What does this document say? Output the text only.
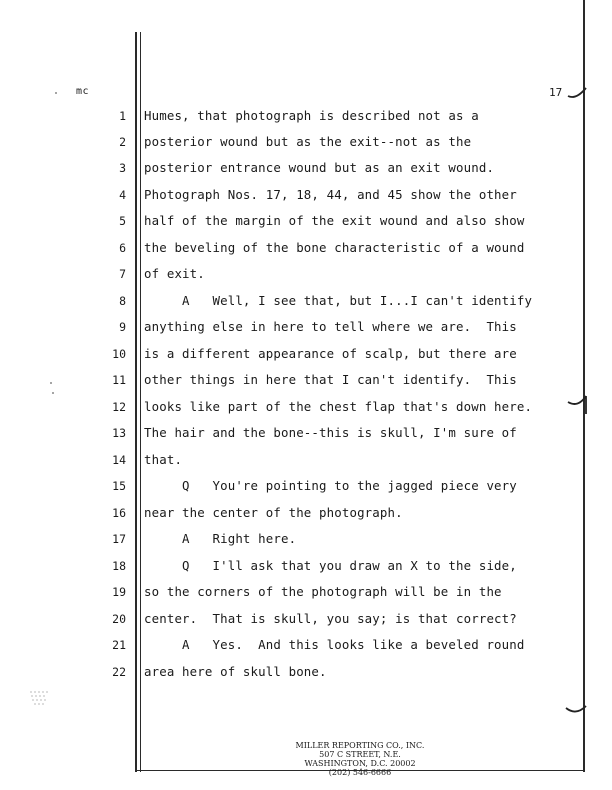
mc	17
1 Humes, that photograph is described not as a
2 posterior wound but as the exit--not as the
3 posterior entrance wound but as an exit wound.
4 Photograph Nos. 17, 18, 44, and 45 show the other
5 half of the margin of the exit wound and also show
6 the beveling of the bone characteristic of a wound
7 of exit.
8 A   Well, I see that, but I...I can't identify
9 anything else in here to tell where we are.  This
10 is a different appearance of scalp, but there are
11 other things in here that I can't identify.  This
12 looks like part of the chest flap that's down here.
13 The hair and the bone--this is skull, I'm sure of
14 that.
15 Q   You're pointing to the jagged piece very
16 near the center of the photograph.
17 A   Right here.
18 Q   I'll ask that you draw an X to the side,
19 so the corners of the photograph will be in the
20 center.  That is skull, you say; is that correct?
21 A   Yes.  And this looks like a beveled round
22 area here of skull bone.
MILLER REPORTING CO., INC.
507 C STREET, N.E.
WASHINGTON, D.C. 20002
(202) 546-6666
